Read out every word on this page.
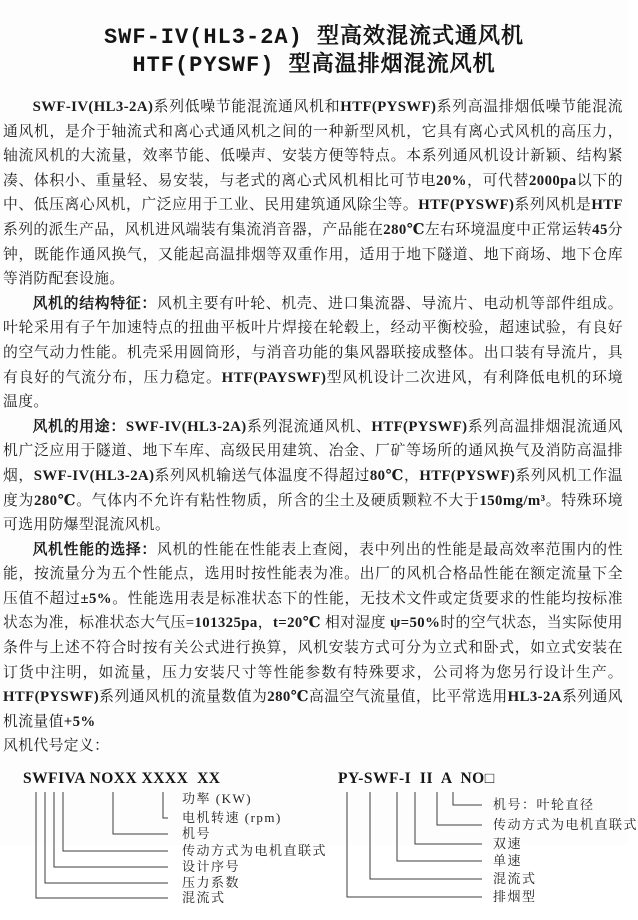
SWF-IV(HL3-2A) 型高效混流式通风机
HTF(PYSWF) 型高温排烟混流风机

SWF-IV(HL3-2A)系列低噪节能混流通风机和HTF(PYSWF)系列高温排烟低噪节能混流通风机，是介于轴流式和离心式通风机之间的一种新型风机，它具有离心式风机的高压力，轴流风机的大流量，效率节能、低噪声、安装方便等特点。本系列通风机设计新颖、结构紧凑、体积小、重量轻、易安装，与老式的离心式风机相比可节电20%，可代替2000pa以下的中、低压离心风机，广泛应用于工业、民用建筑通风除尘等。HTF(PYSWF)系列风机是HTF系列的派生产品，风机进风端装有集流消音器，产品能在280℃左右环境温度中正常运转45分钟，既能作通风换气，又能起高温排烟等双重作用，适用于地下隧道、地下商场、地下仓库等消防配套设施。

风机的结构特征：风机主要有叶轮、机壳、进口集流器、导流片、电动机等部件组成。叶轮采用有子午加速特点的扭曲平板叶片焊接在轮毂上，经动平衡校验，超速试验，有良好的空气动力性能。机壳采用圆筒形，与消音功能的集风器联接成整体。出口装有导流片，具有良好的气流分布，压力稳定。HTF(PAYSWF)型风机设计二次进风，有利降低电机的环境温度。

风机的用途：SWF-IV(HL3-2A)系列混流通风机、HTF(PYSWF)系列高温排烟混流通风机广泛应用于隧道、地下车库、高级民用建筑、冶金、厂矿等场所的通风换气及消防高温排烟，SWF-IV(HL3-2A)系列风机输送气体温度不得超过80℃，HTF(PYSWF)系列风机工作温度为280℃。气体内不允许有粘性物质，所含的尘土及硬质颗粒不大于150mg/m³。特殊环境可选用防爆型混流风机。

风机性能的选择：风机的性能在性能表上查阅，表中列出的性能是最高效率范围内的性能，按流量分为五个性能点，选用时按性能表为准。出厂的风机合格品性能在额定流量下全压值不超过±5%。性能选用表是标准状态下的性能，无技术文件或定货要求的性能均按标准状态为准，标准状态大气压=101325pa，t=20℃ 相对湿度 ψ=50%时的空气状态，当实际使用条件与上述不符合时按有关公式进行换算，风机安装方式可分为立式和卧式，如立式安装在订货中注明，如流量，压力安装尺寸等性能参数有特殊要求，公司将为您另行设计生产。HTF(PYSWF)系列通风机的流量数值为280℃高温空气流量值，比平常选用HL3-2A系列通风机流量值+5%

风机代号定义：

SWFIVA NOXX XXXX  XX	PY-SWF-I  II  A  NO□
功率 (KW)
电机转速 (rpm)
机号
传动方式为电机直联式
设计序号
压力系数
混流式
机号：叶轮直径
传动方式为电机直联式
双速
单速
混流式
排烟型
